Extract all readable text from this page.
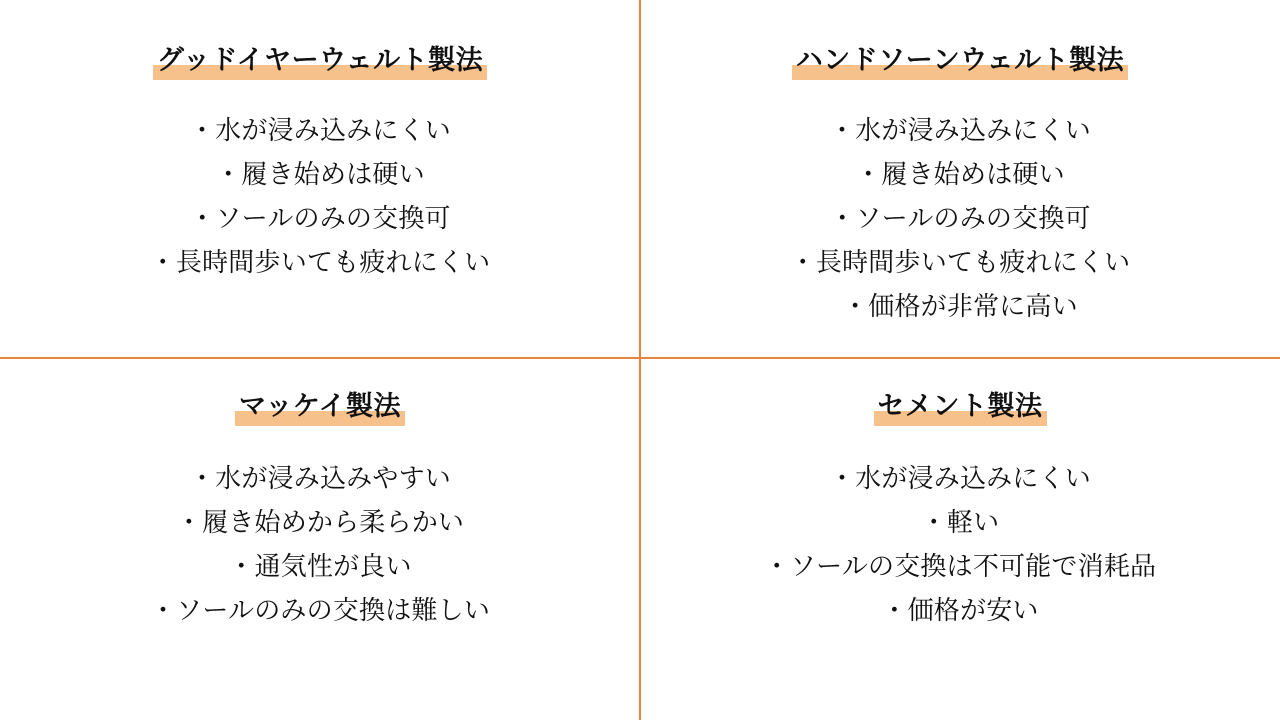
グッドイヤーウェルト製法
・水が浸み込みにくい
・履き始めは硬い
・ソールのみの交換可
・長時間歩いても疲れにくい
ハンドソーンウェルト製法
・水が浸み込みにくい
・履き始めは硬い
・ソールのみの交換可
・長時間歩いても疲れにくい
・価格が非常に高い
マッケイ製法
・水が浸み込みやすい
・履き始めから柔らかい
・通気性が良い
・ソールのみの交換は難しい
セメント製法
・水が浸み込みにくい
・軽い
・ソールの交換は不可能で消耗品
・価格が安い
